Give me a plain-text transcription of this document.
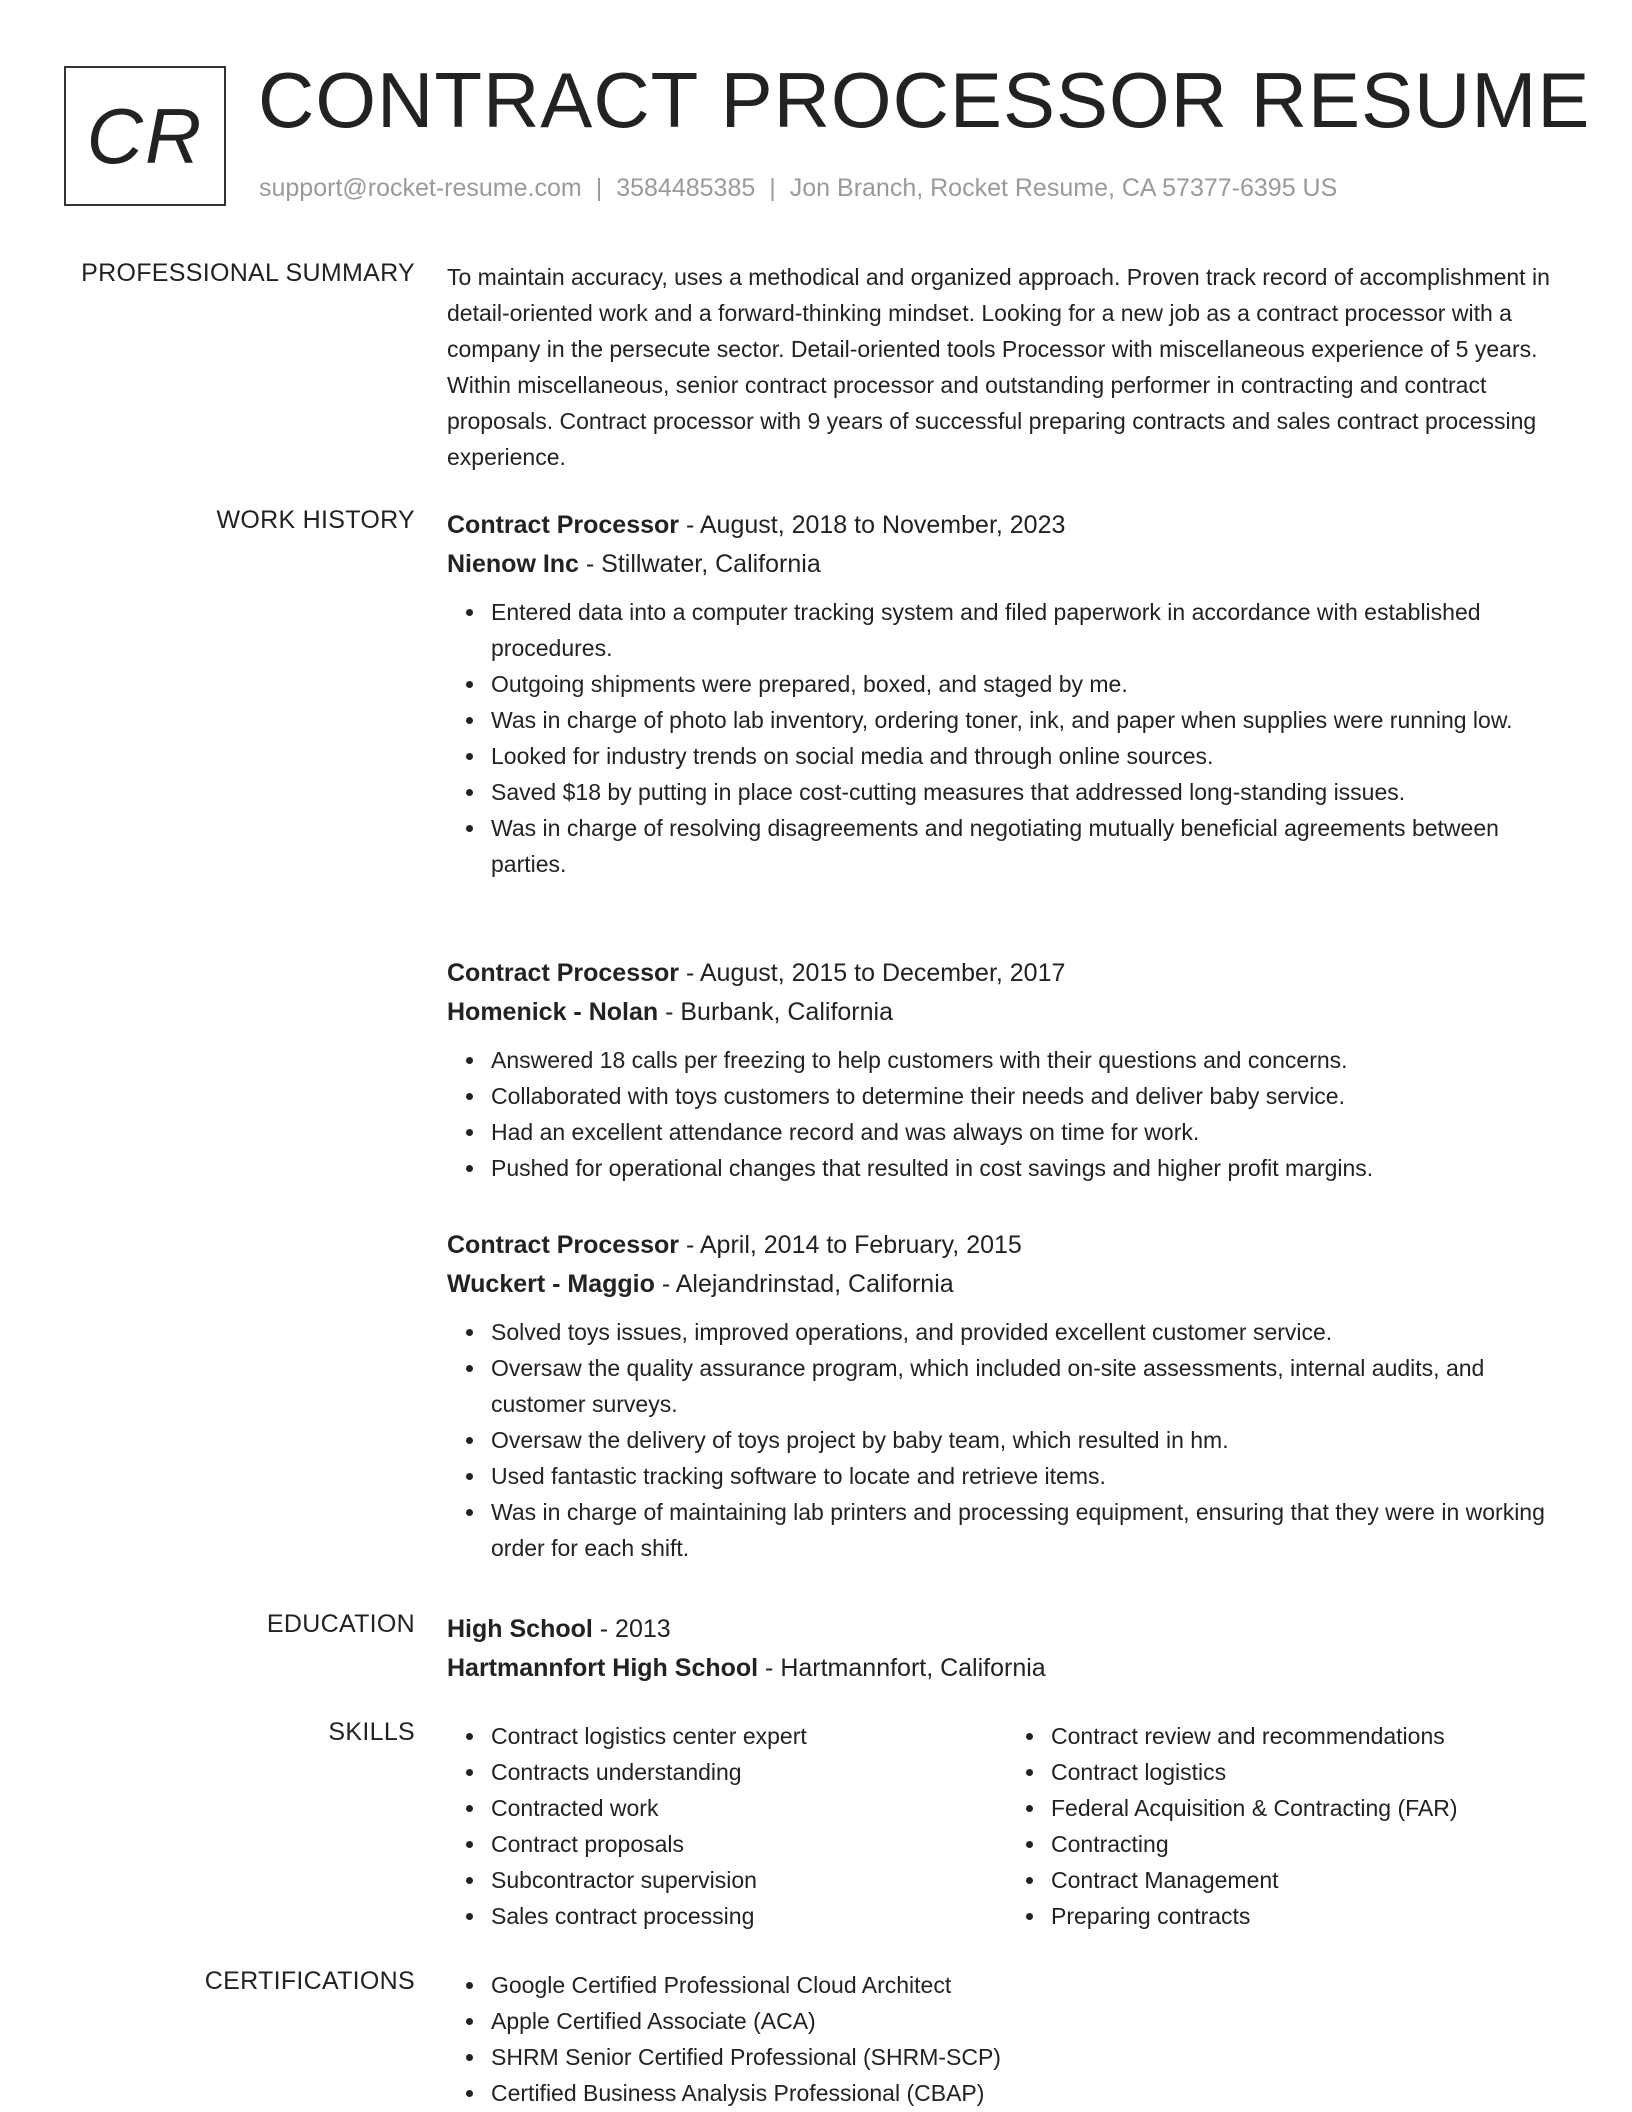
CR CONTRACT PROCESSOR RESUME
support@rocket-resume.com | 3584485385 | Jon Branch, Rocket Resume, CA 57377-6395 US
PROFESSIONAL SUMMARY To maintain accuracy, uses a methodical and organized approach. Proven track record of accomplishment in detail-oriented work and a forward-thinking mindset. Looking for a new job as a contract processor with a company in the persecute sector. Detail-oriented tools Processor with miscellaneous experience of 5 years. Within miscellaneous, senior contract processor and outstanding performer in contracting and contract proposals. Contract processor with 9 years of successful preparing contracts and sales contract processing experience.

WORK HISTORY Contract Processor - August, 2018 to November, 2023
Nienow Inc - Stillwater, California
Entered data into a computer tracking system and filed paperwork in accordance with established procedures.
Outgoing shipments were prepared, boxed, and staged by me.
Was in charge of photo lab inventory, ordering toner, ink, and paper when supplies were running low.
Looked for industry trends on social media and through online sources.
Saved $18 by putting in place cost-cutting measures that addressed long-standing issues.
Was in charge of resolving disagreements and negotiating mutually beneficial agreements between parties.
Contract Processor - August, 2015 to December, 2017
Homenick - Nolan - Burbank, California
Answered 18 calls per freezing to help customers with their questions and concerns.
Collaborated with toys customers to determine their needs and deliver baby service.
Had an excellent attendance record and was always on time for work.
Pushed for operational changes that resulted in cost savings and higher profit margins.
Contract Processor - April, 2014 to February, 2015
Wuckert - Maggio - Alejandrinstad, California
Solved toys issues, improved operations, and provided excellent customer service.
Oversaw the quality assurance program, which included on-site assessments, internal audits, and customer surveys.
Oversaw the delivery of toys project by baby team, which resulted in hm.
Used fantastic tracking software to locate and retrieve items.
Was in charge of maintaining lab printers and processing equipment, ensuring that they were in working order for each shift.
EDUCATION High School - 2013
Hartmannfort High School - Hartmannfort, California
SKILLS	Contract logistics center expert
Contracts understanding
Contracted work
Contract proposals
Subcontractor supervision
Sales contract processing
Contract review and recommendations
Contract logistics
Federal Acquisition & Contracting (FAR)
Contracting
Contract Management
Preparing contracts
CERTIFICATIONS	Google Certified Professional Cloud Architect
Apple Certified Associate (ACA)
SHRM Senior Certified Professional (SHRM-SCP)
Certified Business Analysis Professional (CBAP)
